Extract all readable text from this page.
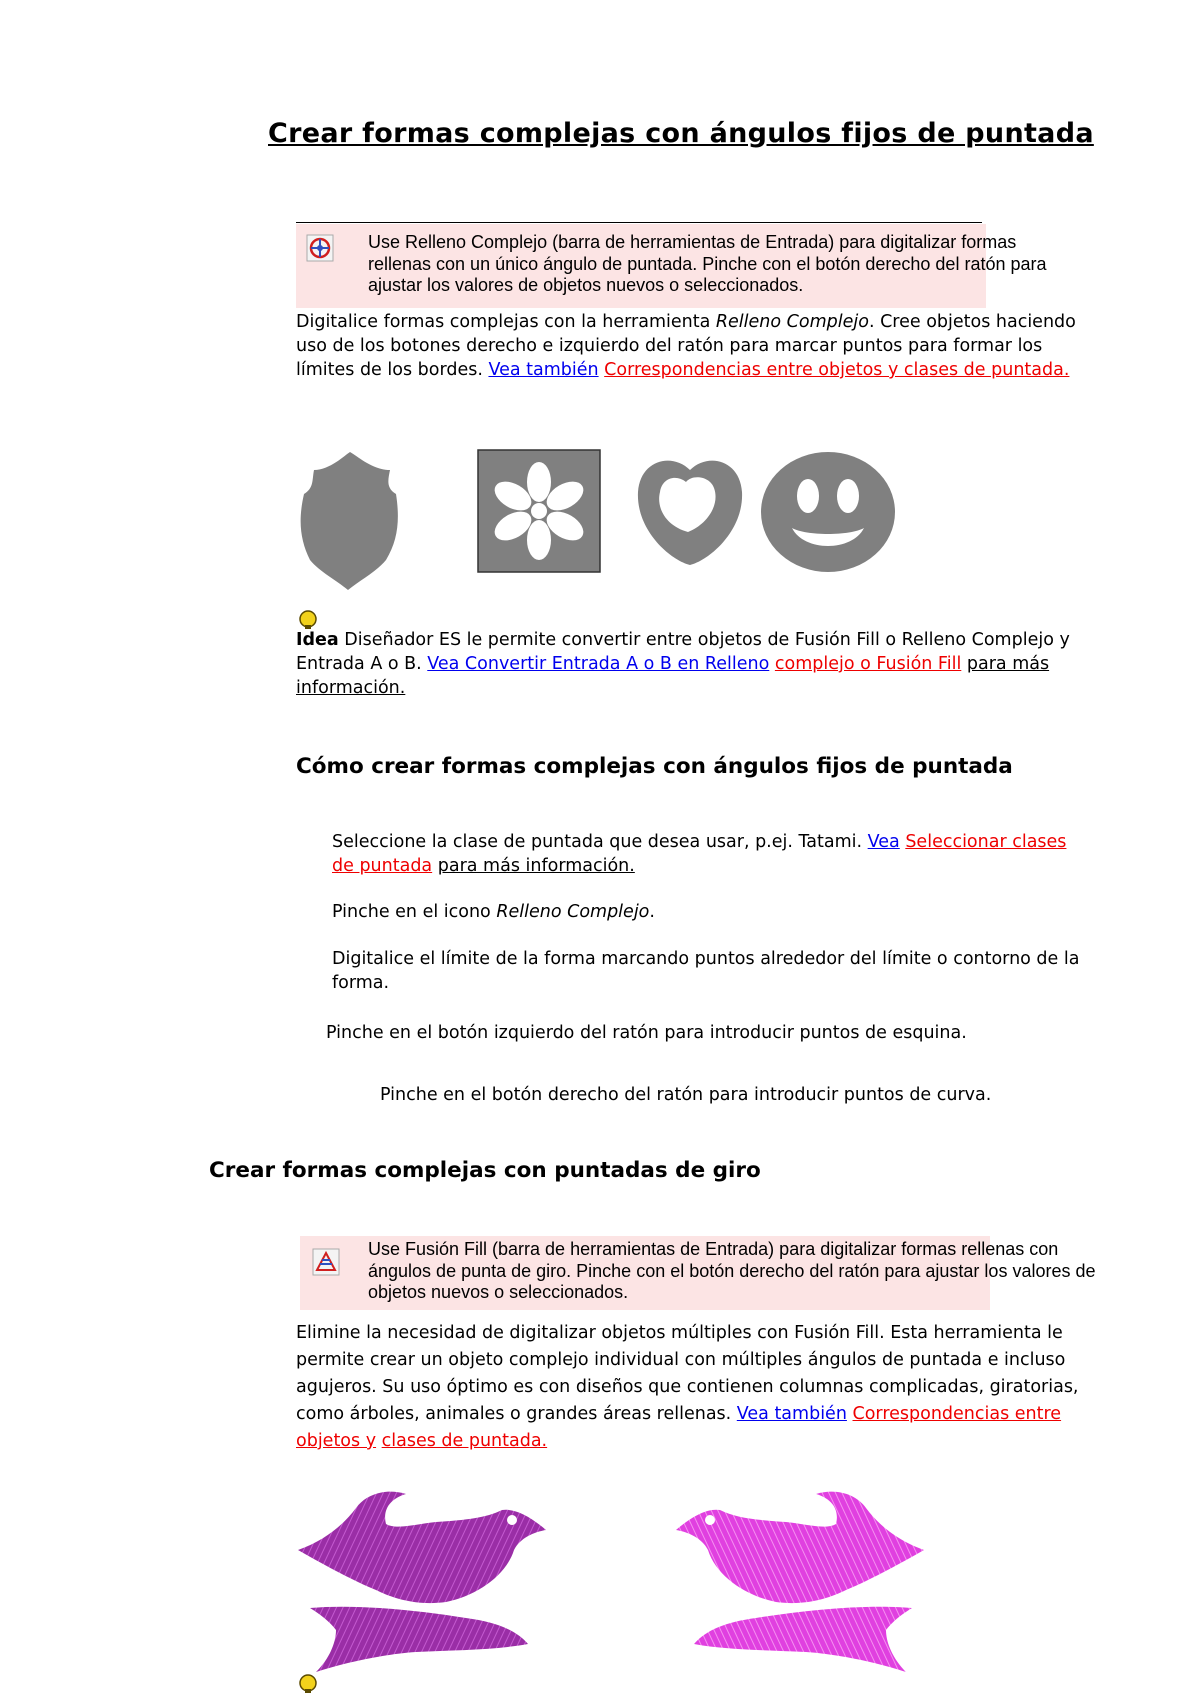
Crear formas complejas con ángulos fijos de puntada
Use Relleno Complejo (barra de herramientas de Entrada) para digitalizar formas rellenas con un único ángulo de puntada. Pinche con el botón derecho del ratón para ajustar los valores de objetos nuevos o seleccionados.
Digitalice formas complejas con la herramienta Relleno Complejo. Cree objetos haciendo uso de los botones derecho e izquierdo del ratón para marcar puntos para formar los límites de los bordes. Vea también Correspondencias entre objetos y clases de puntada.
Idea Diseñador ES le permite convertir entre objetos de Fusión Fill o Relleno Complejo y Entrada A o B. Vea Convertir Entrada A o B en Relleno complejo o Fusión Fill para más información.
Cómo crear formas complejas con ángulos fijos de puntada
Seleccione la clase de puntada que desea usar, p.ej. Tatami. Vea Seleccionar clases de puntada para más información.
Pinche en el icono Relleno Complejo.
Digitalice el límite de la forma marcando puntos alrededor del límite o contorno de la forma.
Pinche en el botón izquierdo del ratón para introducir puntos de esquina.
Pinche en el botón derecho del ratón para introducir puntos de curva.
Crear formas complejas con puntadas de giro
Use Fusión Fill (barra de herramientas de Entrada) para digitalizar formas rellenas con ángulos de punta de giro. Pinche con el botón derecho del ratón para ajustar los valores de objetos nuevos o seleccionados.
Elimine la necesidad de digitalizar objetos múltiples con Fusión Fill. Esta herramienta le permite crear un objeto complejo individual con múltiples ángulos de puntada e incluso agujeros. Su uso óptimo es con diseños que contienen columnas complicadas, giratorias, como árboles, animales o grandes áreas rellenas. Vea también Correspondencias entre objetos y clases de puntada.
